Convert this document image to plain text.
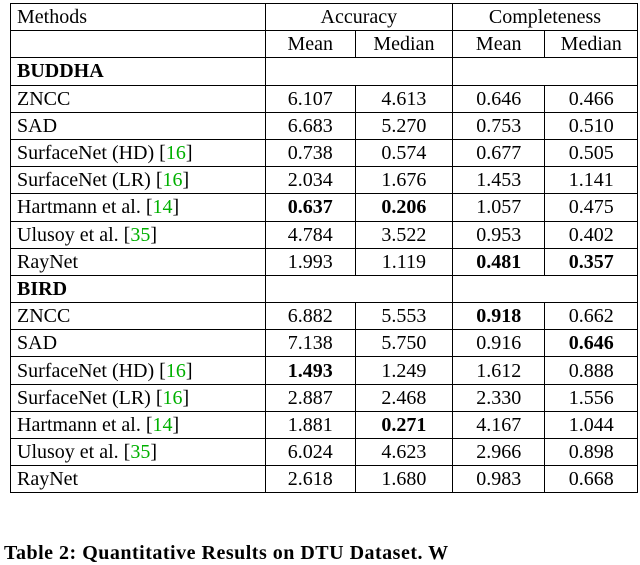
Methods	Accuracy		Completeness	
	Mean	Median	Mean	Median
BUDDHA				
ZNCC	6.107	4.613	0.646	0.466
SAD	6.683	5.270	0.753	0.510
SurfaceNet (HD) [16]	0.738	0.574	0.677	0.505
SurfaceNet (LR) [16]	2.034	1.676	1.453	1.141
Hartmann et al. [14]	0.637	0.206	1.057	0.475
Ulusoy et al. [35]	4.784	3.522	0.953	0.402
RayNet	1.993	1.119	0.481	0.357
BIRD				
ZNCC	6.882	5.553	0.918	0.662
SAD	7.138	5.750	0.916	0.646
SurfaceNet (HD) [16]	1.493	1.249	1.612	0.888
SurfaceNet (LR) [16]	2.887	2.468	2.330	1.556
Hartmann et al. [14]	1.881	0.271	4.167	1.044
Ulusoy et al. [35]	6.024	4.623	2.966	0.898
RayNet	2.618	1.680	0.983	0.668
Table 2: Quantitative Results on DTU Dataset. W
